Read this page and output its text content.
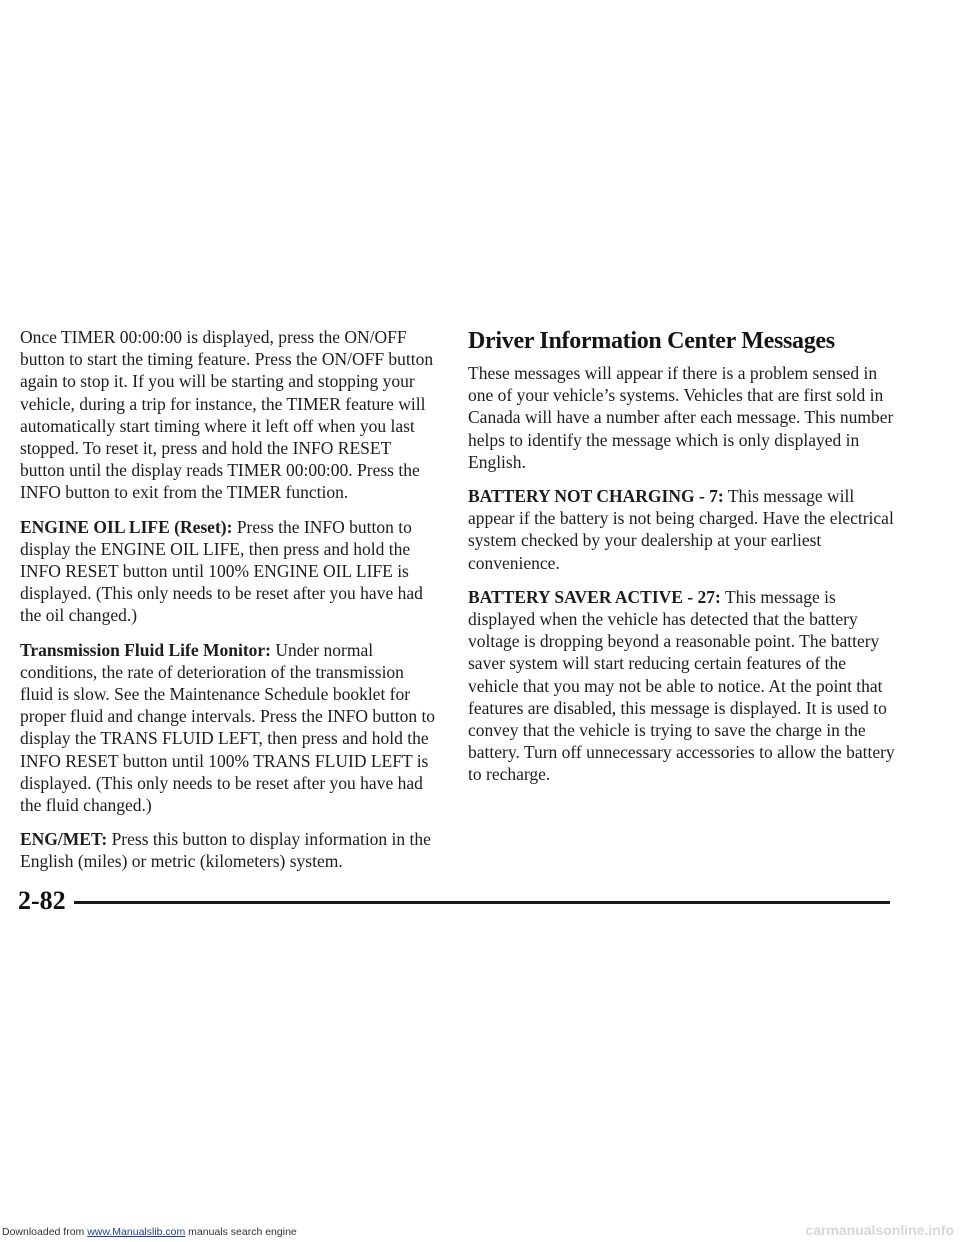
Once TIMER 00:00:00 is displayed, press the ON/OFF button to start the timing feature. Press the ON/OFF button again to stop it. If you will be starting and stopping your vehicle, during a trip for instance, the TIMER feature will automatically start timing where it left off when you last stopped. To reset it, press and hold the INFO RESET button until the display reads TIMER 00:00:00. Press the INFO button to exit from the TIMER function.

ENGINE OIL LIFE (Reset): Press the INFO button to display the ENGINE OIL LIFE, then press and hold the INFO RESET button until 100% ENGINE OIL LIFE is displayed. (This only needs to be reset after you have had the oil changed.)

Transmission Fluid Life Monitor: Under normal conditions, the rate of deterioration of the transmission fluid is slow. See the Maintenance Schedule booklet for proper fluid and change intervals. Press the INFO button to display the TRANS FLUID LEFT, then press and hold the INFO RESET button until 100% TRANS FLUID LEFT is displayed. (This only needs to be reset after you have had the fluid changed.)

ENG/MET: Press this button to display information in the English (miles) or metric (kilometers) system.

Driver Information Center Messages

These messages will appear if there is a problem sensed in one of your vehicle’s systems. Vehicles that are first sold in Canada will have a number after each message. This number helps to identify the message which is only displayed in English.

BATTERY NOT CHARGING - 7: This message will appear if the battery is not being charged. Have the electrical system checked by your dealership at your earliest convenience.

BATTERY SAVER ACTIVE - 27: This message is displayed when the vehicle has detected that the battery voltage is dropping beyond a reasonable point. The battery saver system will start reducing certain features of the vehicle that you may not be able to notice. At the point that features are disabled, this message is displayed. It is used to convey that the vehicle is trying to save the charge in the battery. Turn off unnecessary accessories to allow the battery to recharge.

2-82
Downloaded from www.Manualslib.com manuals search engine	carmanualsonline.info
